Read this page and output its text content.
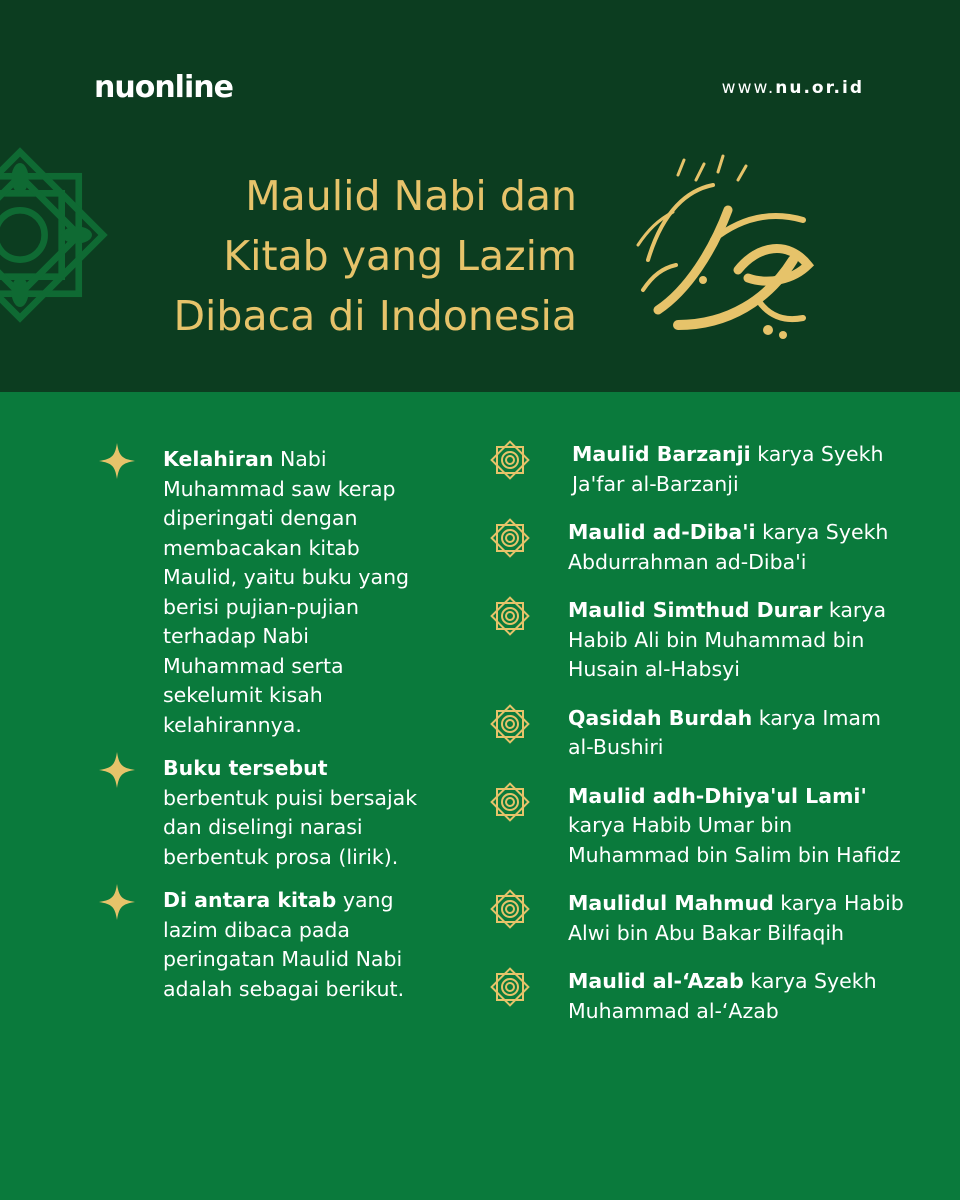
nuonline	www.nu.or.id
Maulid Nabi dan
Kitab yang Lazim
Dibaca di Indonesia
Kelahiran Nabi Muhammad saw kerap diperingati dengan membacakan kitab Maulid, yaitu buku yang berisi pujian-pujian terhadap Nabi Muhammad serta sekelumit kisah kelahirannya.
Buku tersebut berbentuk puisi bersajak dan diselingi narasi berbentuk prosa (lirik).
Di antara kitab yang lazim dibaca pada peringatan Maulid Nabi adalah sebagai berikut.
Maulid Barzanji karya Syekh Ja'far al-Barzanji
Maulid ad-Diba'i karya Syekh Abdurrahman ad-Diba'i
Maulid Simthud Durar karya Habib Ali bin Muhammad bin Husain al-Habsyi
Qasidah Burdah karya Imam al-Bushiri
Maulid adh-Dhiya'ul Lami' karya Habib Umar bin Muhammad bin Salim bin Hafidz
Maulidul Mahmud karya Habib Alwi bin Abu Bakar Bilfaqih
Maulid al-‘Azab karya Syekh Muhammad al-‘Azab
